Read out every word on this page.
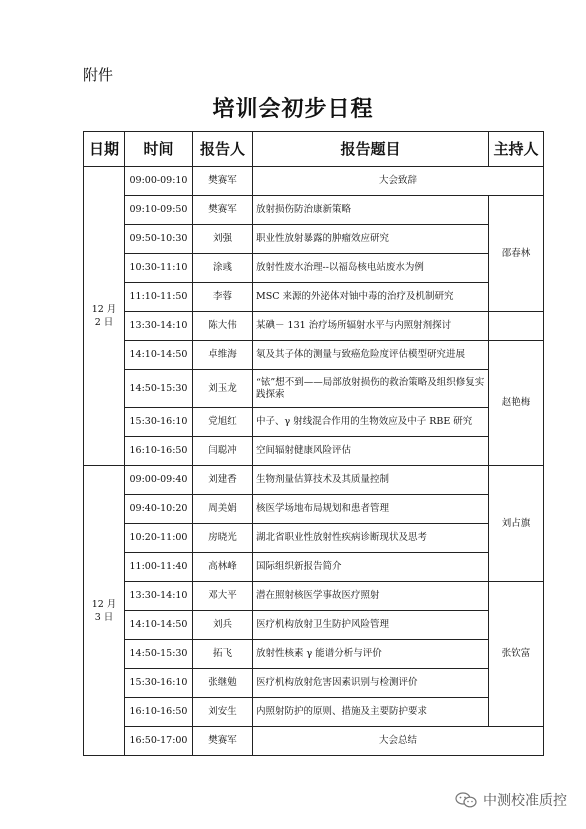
附件
培训会初步日程
日期	时间	报告人	报告题目	主持人
12 月
2 日	09:00-09:10	樊赛军	大会致辞	
	09:10-09:50	樊赛军	放射损伤防治康新策略	邵春林
	09:50-10:30	刘强	职业性放射暴露的肿瘤效应研究	
	10:30-11:10	涂彧	放射性废水治理--以福岛核电站废水为例	
	11:10-11:50	李蓉	MSC 来源的外泌体对铀中毒的治疗及机制研究	
	13:30-14:10	陈大伟	某碘－ 131 治疗场所辐射水平与内照射剂探讨	
	14:10-14:50	卓维海	氡及其子体的测量与致癌危险度评估模型研究进展	赵艳梅
	14:50-15:30	刘玉龙	“铱”想不到——局部放射损伤的救治策略及组织修复实践探索	
	15:30-16:10	党旭红	中子、γ 射线混合作用的生物效应及中子 RBE 研究	
	16:10-16:50	闫聪冲	空间辐射健康风险评估	
12 月
3 日	09:00-09:40	刘建香	生物剂量估算技术及其质量控制	刘占旗
	09:40-10:20	周美娟	核医学场地布局规划和患者管理	
	10:20-11:00	房晓光	湖北省职业性放射性疾病诊断现状及思考	
	11:00-11:40	高林峰	国际组织新报告简介	
	13:30-14:10	邓大平	潜在照射核医学事故医疗照射	张钦富
	14:10-14:50	刘兵	医疗机构放射卫生防护风险管理	
	14:50-15:30	拓飞	放射性核素 γ 能谱分析与评价	
	15:30-16:10	张继勉	医疗机构放射危害因素识别与检测评价	
	16:10-16:50	刘安生	内照射防护的原则、措施及主要防护要求	
	16:50-17:00	樊赛军	大会总结	
中测校准质控
